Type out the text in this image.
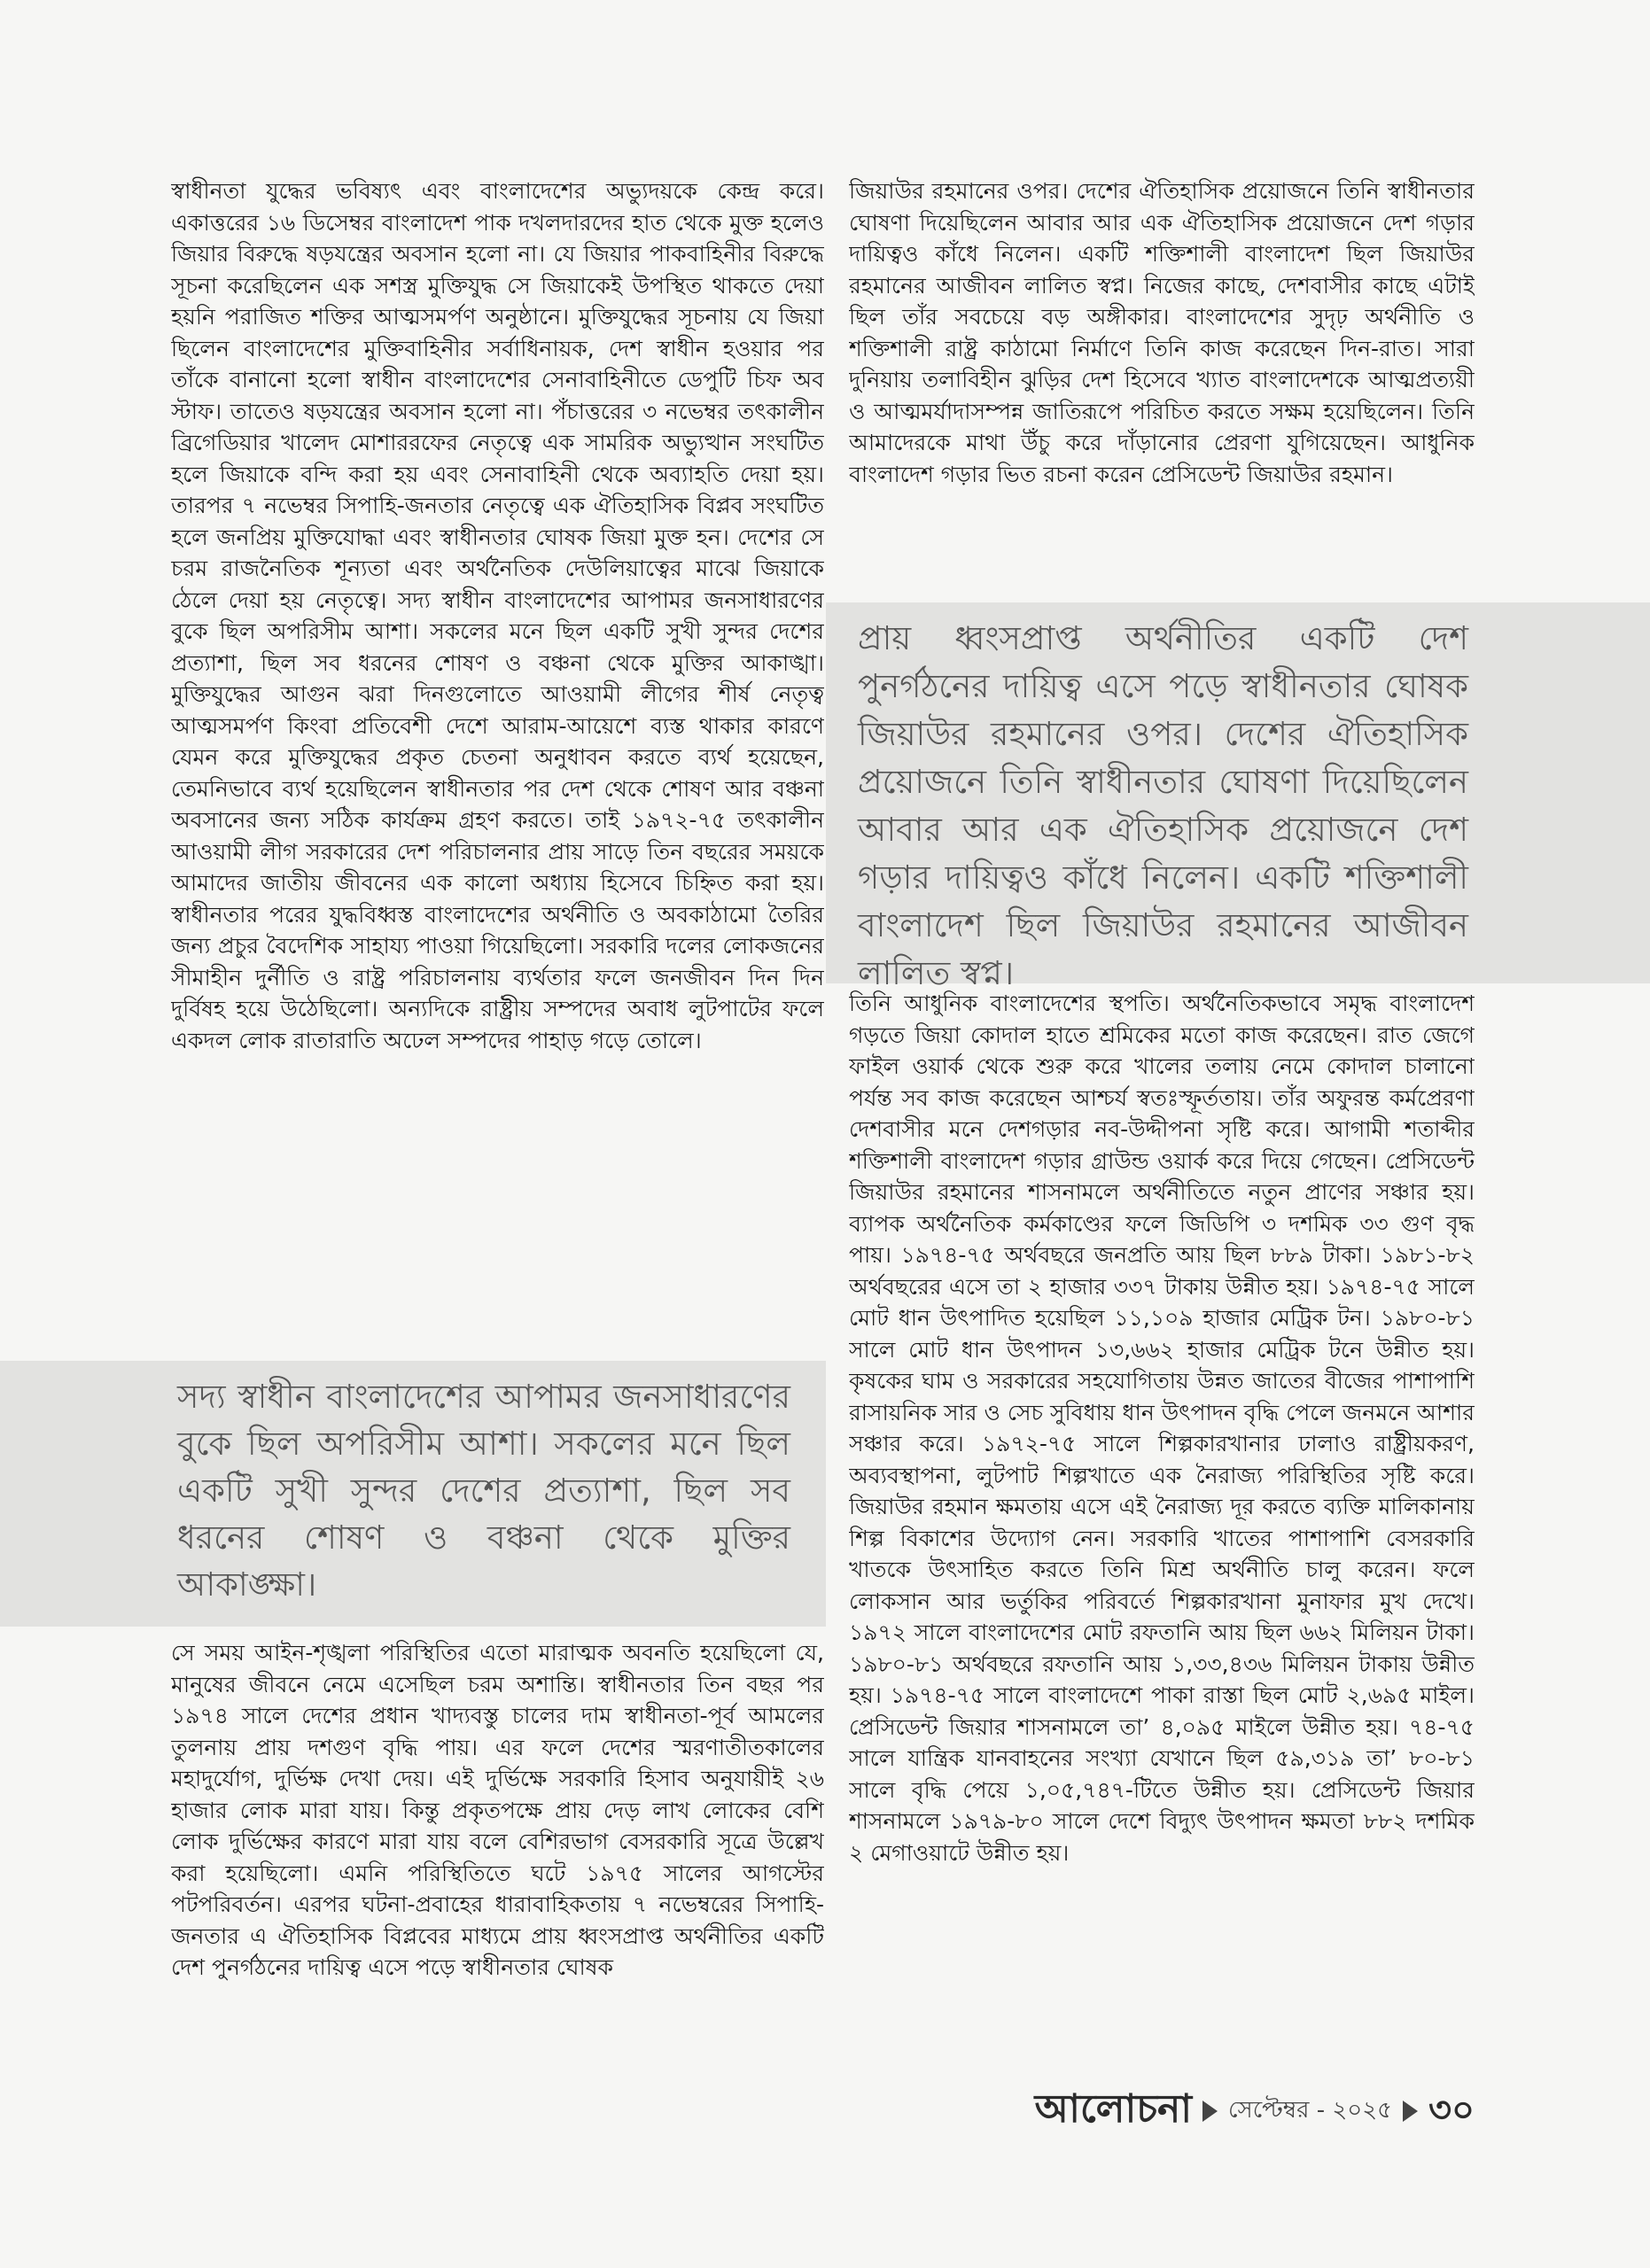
স্বাধীনতা যুদ্ধের ভবিষ্যৎ এবং বাংলাদেশের অভ্যুদয়কে কেন্দ্র করে। একাত্তরের ১৬ ডিসেম্বর বাংলাদেশ পাক দখলদারদের হাত থেকে মুক্ত হলেও জিয়ার বিরুদ্ধে ষড়যন্ত্রের অবসান হলো না। যে জিয়ার পাকবাহিনীর বিরুদ্ধে সূচনা করেছিলেন এক সশস্ত্র মুক্তিযুদ্ধ সে জিয়াকেই উপস্থিত থাকতে দেয়া হয়নি পরাজিত শক্তির আত্মসমর্পণ অনুষ্ঠানে। মুক্তিযুদ্ধের সূচনায় যে জিয়া ছিলেন বাংলাদেশের মুক্তিবাহিনীর সর্বাধিনায়ক, দেশ স্বাধীন হওয়ার পর তাঁকে বানানো হলো স্বাধীন বাংলাদেশের সেনাবাহিনীতে ডেপুটি চিফ অব স্টাফ। তাতেও ষড়যন্ত্রের অবসান হলো না। পঁচাত্তরের ৩ নভেম্বর তৎকালীন ব্রিগেডিয়ার খালেদ মোশাররফের নেতৃত্বে এক সামরিক অভ্যুত্থান সংঘটিত হলে জিয়াকে বন্দি করা হয় এবং সেনাবাহিনী থেকে অব্যাহতি দেয়া হয়। তারপর ৭ নভেম্বর সিপাহি-জনতার নেতৃত্বে এক ঐতিহাসিক বিপ্লব সংঘটিত হলে জনপ্রিয় মুক্তিযোদ্ধা এবং স্বাধীনতার ঘোষক জিয়া মুক্ত হন। দেশের সে চরম রাজনৈতিক শূন্যতা এবং অর্থনৈতিক দেউলিয়াত্বের মাঝে জিয়াকে ঠেলে দেয়া হয় নেতৃত্বে। সদ্য স্বাধীন বাংলাদেশের আপামর জনসাধারণের বুকে ছিল অপরিসীম আশা। সকলের মনে ছিল একটি সুখী সুন্দর দেশের প্রত্যাশা, ছিল সব ধরনের শোষণ ও বঞ্চনা থেকে মুক্তির আকাঙ্খা। মুক্তিযুদ্ধের আগুন ঝরা দিনগুলোতে আওয়ামী লীগের শীর্ষ নেতৃত্ব আত্মসমর্পণ কিংবা প্রতিবেশী দেশে আরাম-আয়েশে ব্যস্ত থাকার কারণে যেমন করে মুক্তিযুদ্ধের প্রকৃত চেতনা অনুধাবন করতে ব্যর্থ হয়েছেন, তেমনিভাবে ব্যর্থ হয়েছিলেন স্বাধীনতার পর দেশ থেকে শোষণ আর বঞ্চনা অবসানের জন্য সঠিক কার্যক্রম গ্রহণ করতে। তাই ১৯৭২-৭৫ তৎকালীন আওয়ামী লীগ সরকারের দেশ পরিচালনার প্রায় সাড়ে তিন বছরের সময়কে আমাদের জাতীয় জীবনের এক কালো অধ্যায় হিসেবে চিহ্নিত করা হয়। স্বাধীনতার পরের যুদ্ধবিধ্বস্ত বাংলাদেশের অর্থনীতি ও অবকাঠামো তৈরির জন্য প্রচুর বৈদেশিক সাহায্য পাওয়া গিয়েছিলো। সরকারি দলের লোকজনের সীমাহীন দুর্নীতি ও রাষ্ট্র পরিচালনায় ব্যর্থতার ফলে জনজীবন দিন দিন দুর্বিষহ হয়ে উঠেছিলো। অন্যদিকে রাষ্ট্রীয় সম্পদের অবাধ লুটপাটের ফলে একদল লোক রাতারাতি অঢেল সম্পদের পাহাড় গড়ে তোলে।

সদ্য স্বাধীন বাংলাদেশের আপামর জনসাধারণের বুকে ছিল অপরিসীম আশা। সকলের মনে ছিল একটি সুখী সুন্দর দেশের প্রত্যাশা, ছিল সব ধরনের শোষণ ও বঞ্চনা থেকে মুক্তির আকাঙ্ক্ষা।

সে সময় আইন-শৃঙ্খলা পরিস্থিতির এতো মারাত্মক অবনতি হয়েছিলো যে, মানুষের জীবনে নেমে এসেছিল চরম অশান্তি। স্বাধীনতার তিন বছর পর ১৯৭৪ সালে দেশের প্রধান খাদ্যবস্তু চালের দাম স্বাধীনতা-পূর্ব আমলের তুলনায় প্রায় দশগুণ বৃদ্ধি পায়। এর ফলে দেশের স্মরণাতীতকালের মহাদুর্যোগ, দুর্ভিক্ষ দেখা দেয়। এই দুর্ভিক্ষে সরকারি হিসাব অনুযায়ীই ২৬ হাজার লোক মারা যায়। কিন্তু প্রকৃতপক্ষে প্রায় দেড় লাখ লোকের বেশি লোক দুর্ভিক্ষের কারণে মারা যায় বলে বেশিরভাগ বেসরকারি সূত্রে উল্লেখ করা হয়েছিলো। এমনি পরিস্থিতিতে ঘটে ১৯৭৫ সালের আগস্টের পটপরিবর্তন। এরপর ঘটনা-প্রবাহের ধারাবাহিকতায় ৭ নভেম্বরের সিপাহি-জনতার এ ঐতিহাসিক বিপ্লবের মাধ্যমে প্রায় ধ্বংসপ্রাপ্ত অর্থনীতির একটি দেশ পুনর্গঠনের দায়িত্ব এসে পড়ে স্বাধীনতার ঘোষক

জিয়াউর রহমানের ওপর। দেশের ঐতিহাসিক প্রয়োজনে তিনি স্বাধীনতার ঘোষণা দিয়েছিলেন আবার আর এক ঐতিহাসিক প্রয়োজনে দেশ গড়ার দায়িত্বও কাঁধে নিলেন। একটি শক্তিশালী বাংলাদেশ ছিল জিয়াউর রহমানের আজীবন লালিত স্বপ্ন। নিজের কাছে, দেশবাসীর কাছে এটাই ছিল তাঁর সবচেয়ে বড় অঙ্গীকার। বাংলাদেশের সুদৃঢ় অর্থনীতি ও শক্তিশালী রাষ্ট্র কাঠামো নির্মাণে তিনি কাজ করেছেন দিন-রাত। সারা দুনিয়ায় তলাবিহীন ঝুড়ির দেশ হিসেবে খ্যাত বাংলাদেশকে আত্মপ্রত্যয়ী ও আত্মমর্যাদাসম্পন্ন জাতিরূপে পরিচিত করতে সক্ষম হয়েছিলেন। তিনি আমাদেরকে মাথা উঁচু করে দাঁড়ানোর প্রেরণা যুগিয়েছেন। আধুনিক বাংলাদেশ গড়ার ভিত রচনা করেন প্রেসিডেন্ট জিয়াউর রহমান।

প্রায় ধ্বংসপ্রাপ্ত অর্থনীতির একটি দেশ পুনর্গঠনের দায়িত্ব এসে পড়ে স্বাধীনতার ঘোষক জিয়াউর রহমানের ওপর। দেশের ঐতিহাসিক প্রয়োজনে তিনি স্বাধীনতার ঘোষণা দিয়েছিলেন আবার আর এক ঐতিহাসিক প্রয়োজনে দেশ গড়ার দায়িত্বও কাঁধে নিলেন। একটি শক্তিশালী বাংলাদেশ ছিল জিয়াউর রহমানের আজীবন লালিত স্বপ্ন।

তিনি আধুনিক বাংলাদেশের স্থপতি। অর্থনৈতিকভাবে সমৃদ্ধ বাংলাদেশ গড়তে জিয়া কোদাল হাতে শ্রমিকের মতো কাজ করেছেন। রাত জেগে ফাইল ওয়ার্ক থেকে শুরু করে খালের তলায় নেমে কোদাল চালানো পর্যন্ত সব কাজ করেছেন আশ্চর্য স্বতঃস্ফূর্ততায়। তাঁর অফুরন্ত কর্মপ্রেরণা দেশবাসীর মনে দেশগড়ার নব-উদ্দীপনা সৃষ্টি করে। আগামী শতাব্দীর শক্তিশালী বাংলাদেশ গড়ার গ্রাউন্ড ওয়ার্ক করে দিয়ে গেছেন। প্রেসিডেন্ট জিয়াউর রহমানের শাসনামলে অর্থনীতিতে নতুন প্রাণের সঞ্চার হয়। ব্যাপক অর্থনৈতিক কর্মকাণ্ডের ফলে জিডিপি ৩ দশমিক ৩৩ গুণ বৃদ্ধ পায়। ১৯৭৪-৭৫ অর্থবছরে জনপ্রতি আয় ছিল ৮৮৯ টাকা। ১৯৮১-৮২ অর্থবছরের এসে তা ২ হাজার ৩৩৭ টাকায় উন্নীত হয়। ১৯৭৪-৭৫ সালে মোট ধান উৎপাদিত হয়েছিল ১১,১০৯ হাজার মেট্রিক টন। ১৯৮০-৮১ সালে মোট ধান উৎপাদন ১৩,৬৬২ হাজার মেট্রিক টনে উন্নীত হয়। কৃষকের ঘাম ও সরকারের সহযোগিতায় উন্নত জাতের বীজের পাশাপাশি রাসায়নিক সার ও সেচ সুবিধায় ধান উৎপাদন বৃদ্ধি পেলে জনমনে আশার সঞ্চার করে। ১৯৭২-৭৫ সালে শিল্পকারখানার ঢালাও রাষ্ট্রীয়করণ, অব্যবস্থাপনা, লুটপাট শিল্পখাতে এক নৈরাজ্য পরিস্থিতির সৃষ্টি করে। জিয়াউর রহমান ক্ষমতায় এসে এই নৈরাজ্য দূর করতে ব্যক্তি মালিকানায় শিল্প বিকাশের উদ্যোগ নেন। সরকারি খাতের পাশাপাশি বেসরকারি খাতকে উৎসাহিত করতে তিনি মিশ্র অর্থনীতি চালু করেন। ফলে লোকসান আর ভর্তুকির পরিবর্তে শিল্পকারখানা মুনাফার মুখ দেখে। ১৯৭২ সালে বাংলাদেশের মোট রফতানি আয় ছিল ৬৬২ মিলিয়ন টাকা। ১৯৮০-৮১ অর্থবছরে রফতানি আয় ১,৩৩,৪৩৬ মিলিয়ন টাকায় উন্নীত হয়। ১৯৭৪-৭৫ সালে বাংলাদেশে পাকা রাস্তা ছিল মোট ২,৬৯৫ মাইল। প্রেসিডেন্ট জিয়ার শাসনামলে তা’ ৪,০৯৫ মাইলে উন্নীত হয়। ৭৪-৭৫ সালে যান্ত্রিক যানবাহনের সংখ্যা যেখানে ছিল ৫৯,৩১৯ তা’ ৮০-৮১ সালে বৃদ্ধি পেয়ে ১,০৫,৭৪৭-টিতে উন্নীত হয়। প্রেসিডেন্ট জিয়ার শাসনামলে ১৯৭৯-৮০ সালে দেশে বিদ্যুৎ উৎপাদন ক্ষমতা ৮৮২ দশমিক ২ মেগাওয়াটে উন্নীত হয়।

আলোচনা সেপ্টেম্বর - ২০২৫ ৩০
